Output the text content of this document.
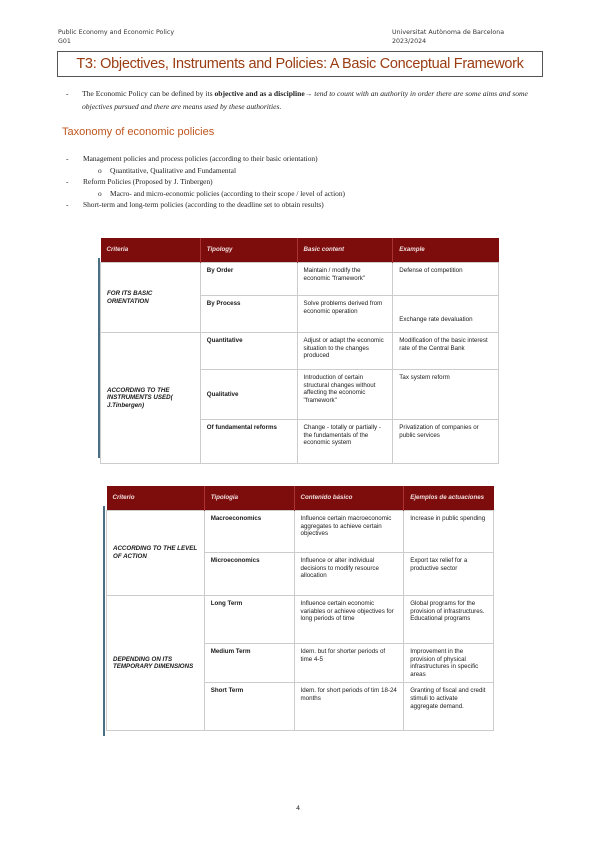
Public Economy and Economic Policy
G01
Universitat Autònoma de Barcelona
2023/2024
T3: Objectives, Instruments and Policies: A Basic Conceptual Framework
- The Economic Policy can be defined by its objective and as a discipline→ tend to count with an authority in order there are some aims and some objectives pursued and there are means used by these authorities.
Taxonomy of economic policies
- Management policies and process policies (according to their basic orientation)
o Quantitative, Qualitative and Fundamental
- Reform Policies (Proposed by J. Tinbergen)
o Macro- and micro-economic policies (according to their scope / level of action)
- Short-term and long-term policies (according to the deadline set to obtain results)
Criteria	Tipology	Basic content	Example
FOR ITS BASIC ORIENTATION	By Order	Maintain / modify the economic "framework"	Defense of competition
	By Process	Solve problems derived from economic operation	Exchange rate devaluation
ACCORDING TO THE INSTRUMENTS USED( J.Tinbergen)	Quantitative	Adjust or adapt the economic situation to the changes produced	Modification of the basic interest rate of the Central Bank
	Qualitative	Introduction of certain structural changes without affecting the economic "framework"	Tax system reform
	Of fundamental reforms	Change - totally or partially - the fundamentals of the economic system	Privatization of companies or public services
Criterio	Tipología	Contenido básico	Ejemplos de actuaciones
ACCORDING TO THE LEVEL OF ACTION	Macroeconomics	Influence certain macroeconomic aggregates to achieve certain objectives	Increase in public spending
	Microeconomics	Influence or alter individual decisions to modify resource allocation	Export tax relief for a productive sector
DEPENDING ON ITS TEMPORARY DIMENSIONS	Long Term	Influence certain economic variables or achieve objectives for long periods of time	Global programs for the provision of infrastructures. Educational programs
	Medium Term	Idem. but for shorter periods of time 4-5	Improvement in the provision of physical infrastructures in specific areas
	Short Term	Idem. for short periods of tim 18-24 months	Granting of fiscal and credit stimuli to activate aggregate demand.
4
